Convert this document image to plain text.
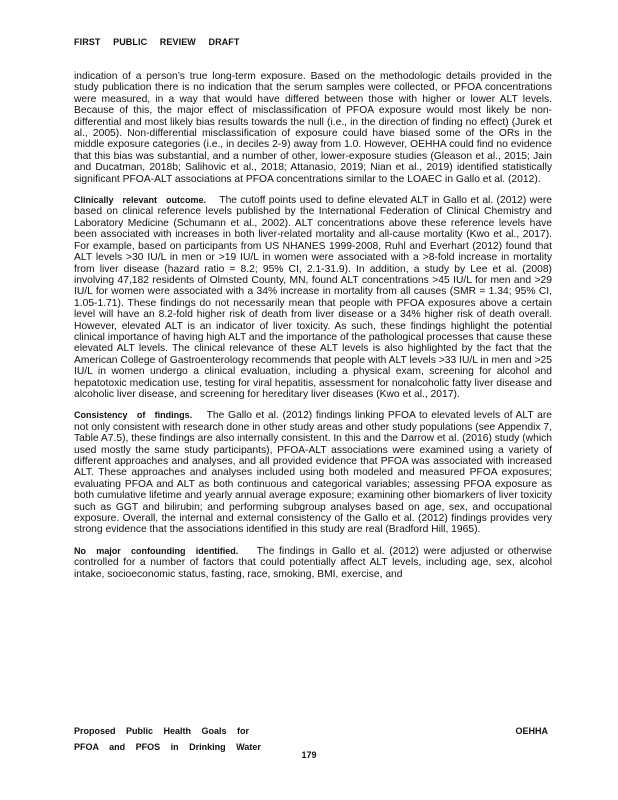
FIRST PUBLIC REVIEW DRAFT

indication of a person’s true long-term exposure. Based on the methodologic details provided in the study publication there is no indication that the serum samples were collected, or PFOA concentrations were measured, in a way that would have differed between those with higher or lower ALT levels. Because of this, the major effect of misclassification of PFOA exposure would most likely be non-differential and most likely bias results towards the null (i.e., in the direction of finding no effect) (Jurek et al., 2005). Non-differential misclassification of exposure could have biased some of the ORs in the middle exposure categories (i.e., in deciles 2-9) away from 1.0. However, OEHHA could find no evidence that this bias was substantial, and a number of other, lower-exposure studies (Gleason et al., 2015; Jain and Ducatman, 2018b; Salihovic et al., 2018; Attanasio, 2019; Nian et al., 2019) identified statistically significant PFOA-ALT associations at PFOA concentrations similar to the LOAEC in Gallo et al. (2012).

Clinically relevant outcome. The cutoff points used to define elevated ALT in Gallo et al. (2012) were based on clinical reference levels published by the International Federation of Clinical Chemistry and Laboratory Medicine (Schumann et al., 2002). ALT concentrations above these reference levels have been associated with increases in both liver-related mortality and all-cause mortality (Kwo et al., 2017). For example, based on participants from US NHANES 1999-2008, Ruhl and Everhart (2012) found that ALT levels >30 IU/L in men or >19 IU/L in women were associated with a >8-fold increase in mortality from liver disease (hazard ratio = 8.2; 95% CI, 2.1-31.9). In addition, a study by Lee et al. (2008) involving 47,182 residents of Olmsted County, MN, found ALT concentrations >45 IU/L for men and >29 IU/L for women were associated with a 34% increase in mortality from all causes (SMR = 1.34; 95% CI, 1.05-1.71). These findings do not necessarily mean that people with PFOA exposures above a certain level will have an 8.2-fold higher risk of death from liver disease or a 34% higher risk of death overall. However, elevated ALT is an indicator of liver toxicity. As such, these findings highlight the potential clinical importance of having high ALT and the importance of the pathological processes that cause these elevated ALT levels. The clinical relevance of these ALT levels is also highlighted by the fact that the American College of Gastroenterology recommends that people with ALT levels >33 IU/L in men and >25 IU/L in women undergo a clinical evaluation, including a physical exam, screening for alcohol and hepatotoxic medication use, testing for viral hepatitis, assessment for nonalcoholic fatty liver disease and alcoholic liver disease, and screening for hereditary liver diseases (Kwo et al., 2017).

Consistency of findings. The Gallo et al. (2012) findings linking PFOA to elevated levels of ALT are not only consistent with research done in other study areas and other study populations (see Appendix 7, Table A7.5), these findings are also internally consistent. In this and the Darrow et al. (2016) study (which used mostly the same study participants), PFOA-ALT associations were examined using a variety of different approaches and analyses, and all provided evidence that PFOA was associated with increased ALT. These approaches and analyses included using both modeled and measured PFOA exposures; evaluating PFOA and ALT as both continuous and categorical variables; assessing PFOA exposure as both cumulative lifetime and yearly annual average exposure; examining other biomarkers of liver toxicity such as GGT and bilirubin; and performing subgroup analyses based on age, sex, and occupational exposure. Overall, the internal and external consistency of the Gallo et al. (2012) findings provides very strong evidence that the associations identified in this study are real (Bradford Hill, 1965).

No major confounding identified. The findings in Gallo et al. (2012) were adjusted or otherwise controlled for a number of factors that could potentially affect ALT levels, including age, sex, alcohol intake, socioeconomic status, fasting, race, smoking, BMI, exercise, and

Proposed Public Health Goals for	OEHHA
PFOA and PFOS in Drinking Water
179
